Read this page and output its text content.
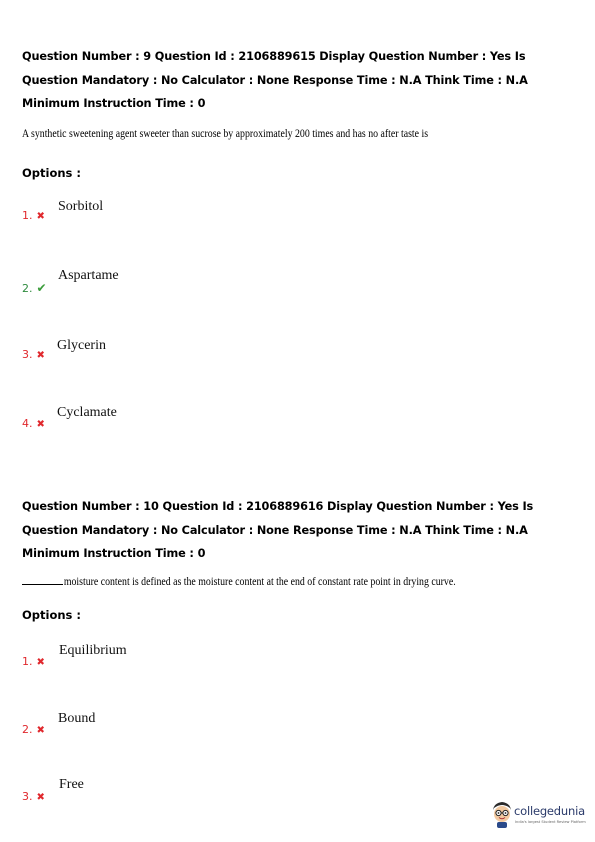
Question Number : 9 Question Id : 2106889615 Display Question Number : Yes Is Question Mandatory : No Calculator : None Response Time : N.A Think Time : N.A Minimum Instruction Time : 0

A synthetic sweetening agent sweeter than sucrose by approximately 200 times and has no after taste is

Options :

1. ✖
Sorbitol
2. ✔
Aspartame
3. ✖
Glycerin
4. ✖
Cyclamate

Question Number : 10 Question Id : 2106889616 Display Question Number : Yes Is Question Mandatory : No Calculator : None Response Time : N.A Think Time : N.A Minimum Instruction Time : 0

moisture content is defined as the moisture content at the end of constant rate point in drying curve.

Options :

1. ✖
Equilibrium
2. ✖
Bound
3. ✖
Free
collegedunia
India's largest Student Review Platform
